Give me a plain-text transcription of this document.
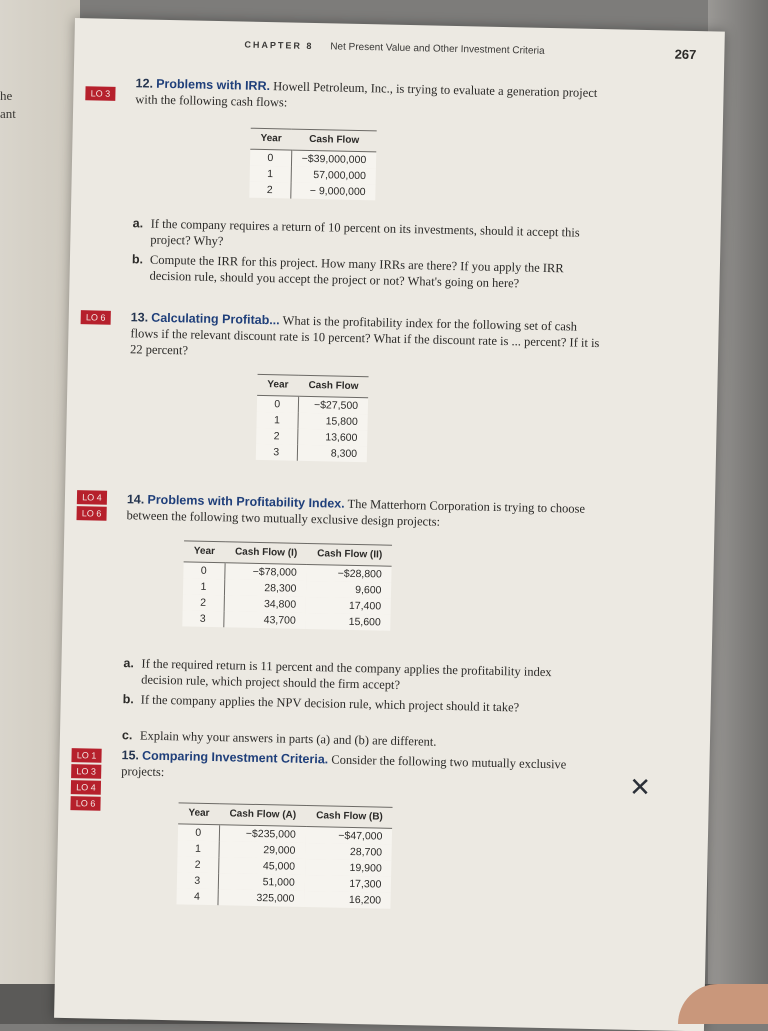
he
ant
CHAPTER 8 Net Present Value and Other Investment Criteria	267
LO 3
12. Problems with IRR. Howell Petroleum, Inc., is trying to evaluate a generation project with the following cash flows:
Year	Cash Flow
0	−$39,000,000
1	57,000,000
2	− 9,000,000
a. If the company requires a return of 10 percent on its investments, should it accept this project? Why?
b. Compute the IRR for this project. How many IRRs are there? If you apply the IRR decision rule, should you accept the project or not? What's going on here?
LO 6	13. Calculating Profitab... What is the profitability index for the following set of cash flows if the relevant discount rate is 10 percent? What if the discount rate is ... percent? If it is 22 percent?
Year	Cash Flow
0	−$27,500
1	15,800
2	13,600
3	8,300
LO 4
LO 6
14. Problems with Profitability Index. The Matterhorn Corporation is trying to choose between the following two mutually exclusive design projects:
Year	Cash Flow (I)	Cash Flow (II)
0	−$78,000	−$28,800
1	28,300	9,600
2	34,800	17,400
3	43,700	15,600
a. If the required return is 11 percent and the company applies the profitability index decision rule, which project should the firm accept?
b. If the company applies the NPV decision rule, which project should it take?
c. Explain why your answers in parts (a) and (b) are different.
LO 1
LO 3
LO 4
LO 6
15. Comparing Investment Criteria. Consider the following two mutually exclusive projects:
Year	Cash Flow (A)	Cash Flow (B)
0	−$235,000	−$47,000
1	29,000	28,700
2	45,000	19,900
3	51,000	17,300
4	325,000	16,200
✕
